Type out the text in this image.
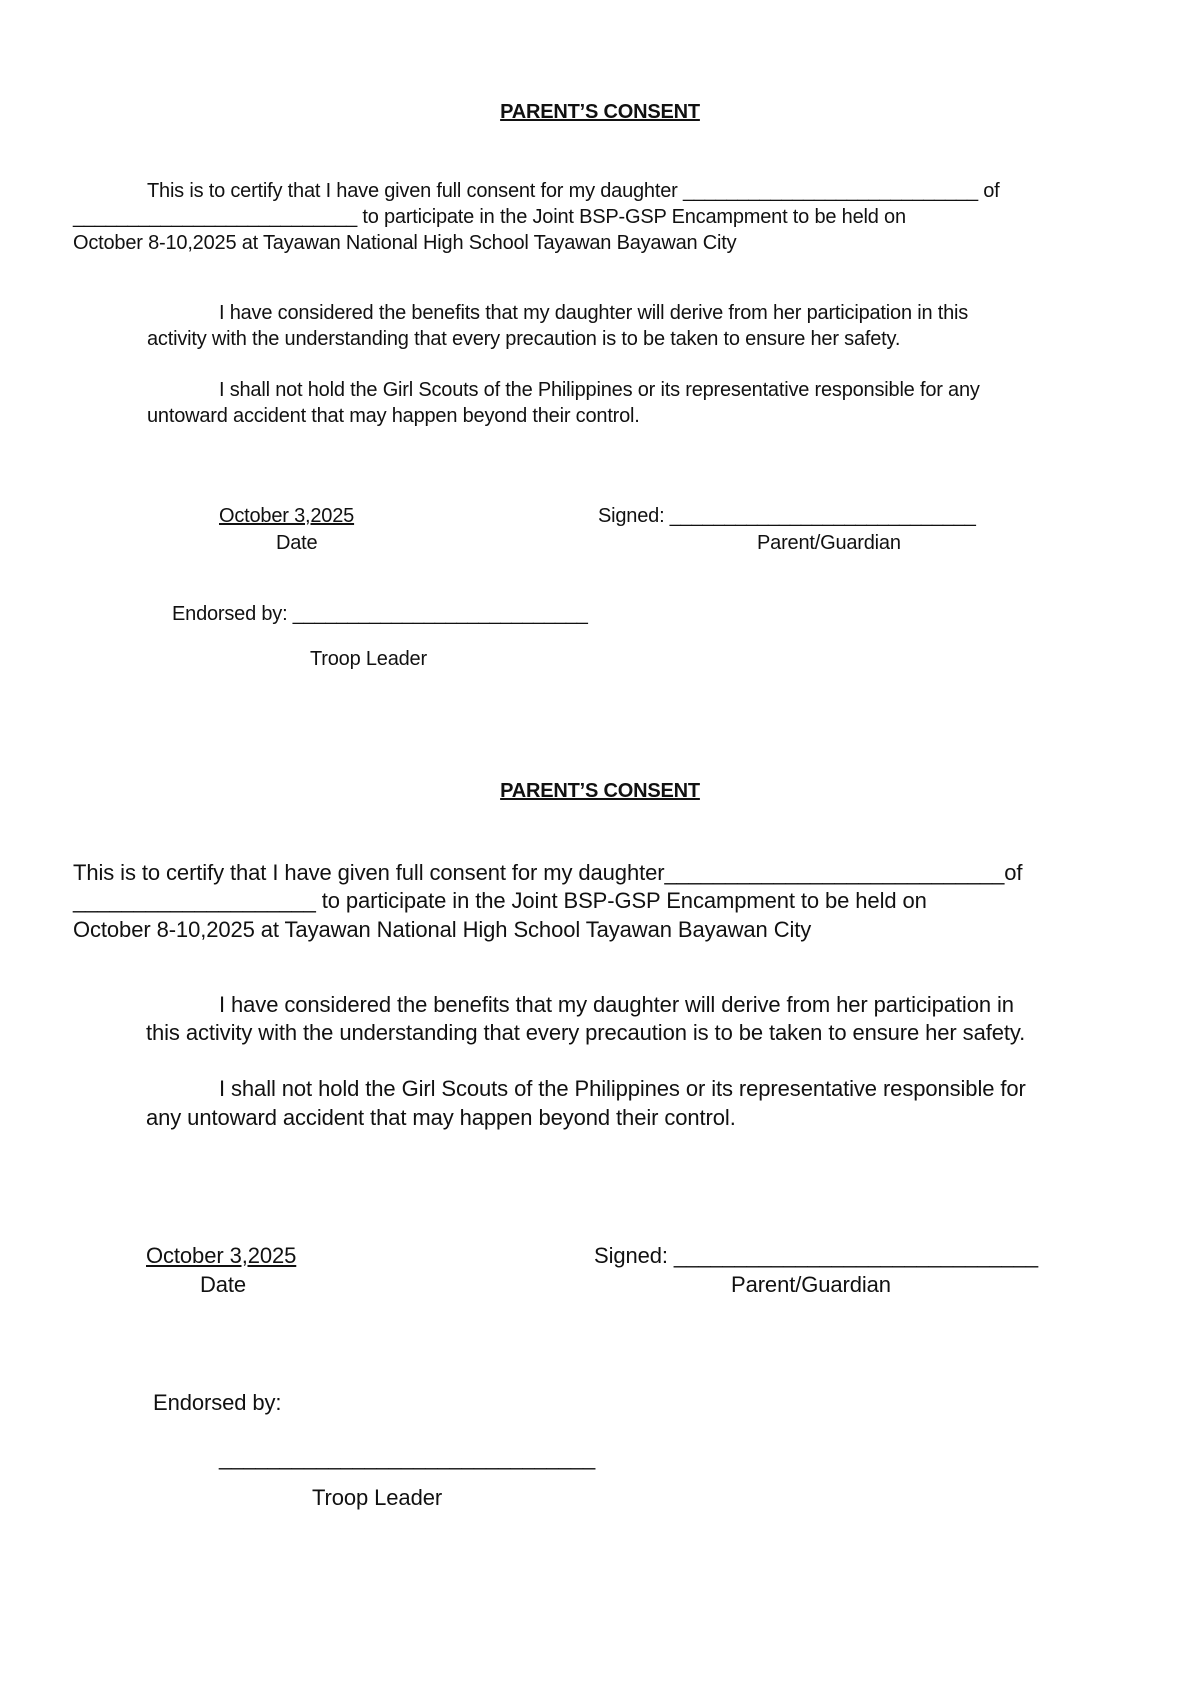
PARENT’S CONSENT
This is to certify that I have given full consent for my daughter ___________________________ of
__________________________ to participate in the Joint BSP-GSP Encampment to be held on
October 8-10,2025 at Tayawan National High School Tayawan Bayawan City
I have considered the benefits that my daughter will derive from her participation in this
activity with the understanding that every precaution is to be taken to ensure her safety.
I shall not hold the Girl Scouts of the Philippines or its representative responsible for any
untoward accident that may happen beyond their control.
October 3,2025
Date
Signed: ____________________________
Parent/Guardian
Endorsed by: ___________________________
Troop Leader
PARENT’S CONSENT
This is to certify that I have given full consent for my daughter____________________________of
____________________ to participate in the Joint BSP-GSP Encampment to be held on
October 8-10,2025 at Tayawan National High School Tayawan Bayawan City
I have considered the benefits that my daughter will derive from her participation in
this activity with the understanding that every precaution is to be taken to ensure her safety.
I shall not hold the Girl Scouts of the Philippines or its representative responsible for
any untoward accident that may happen beyond their control.
October 3,2025
Date
Signed: ______________________________
Parent/Guardian
Endorsed by:
_______________________________
Troop Leader
